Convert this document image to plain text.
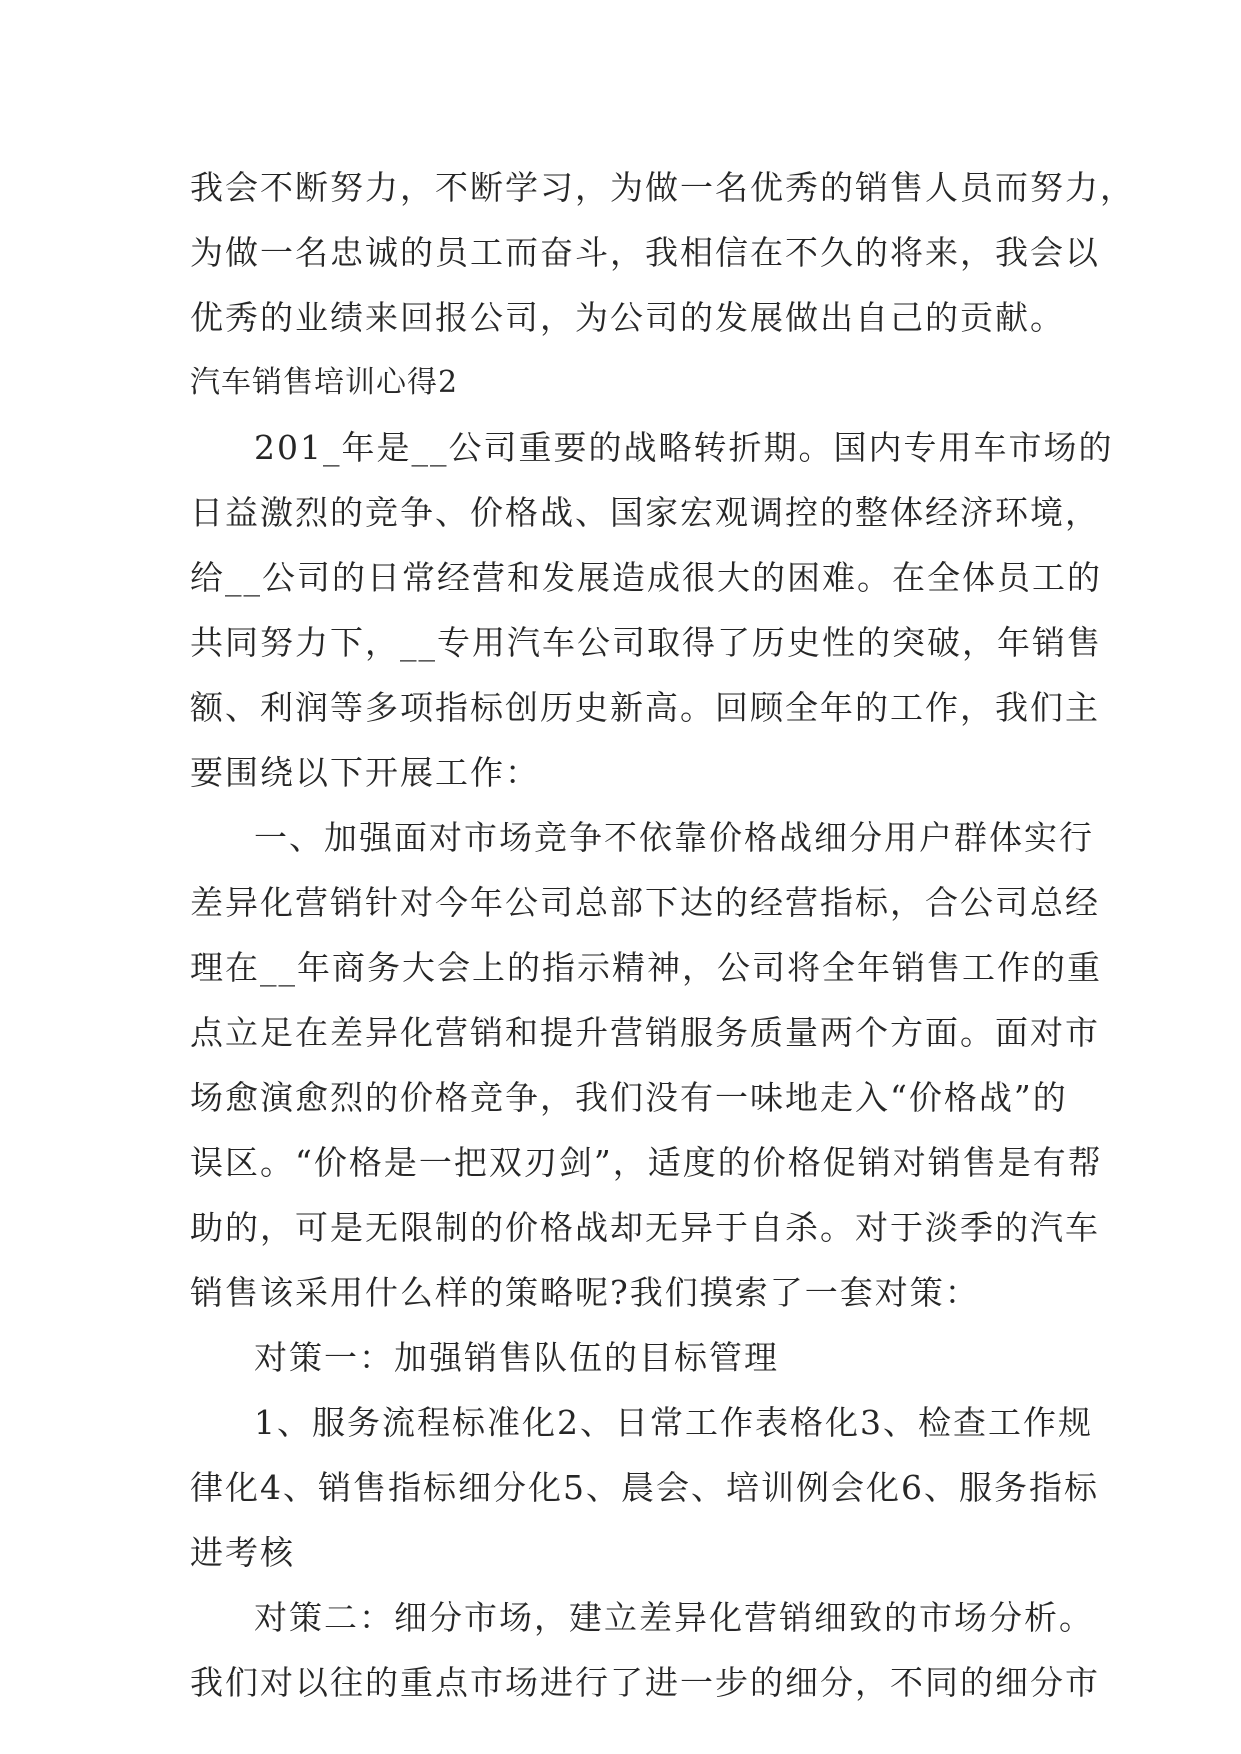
我会不断努力，不断学习，为做一名优秀的销售人员而努力，
为做一名忠诚的员工而奋斗，我相信在不久的将来，我会以
优秀的业绩来回报公司，为公司的发展做出自己的贡献。
汽车销售培训心得2
201_年是__公司重要的战略转折期。国内专用车市场的
日益激烈的竞争、价格战、国家宏观调控的整体经济环境，
给__公司的日常经营和发展造成很大的困难。在全体员工的
共同努力下，__专用汽车公司取得了历史性的突破，年销售
额、利润等多项指标创历史新高。回顾全年的工作，我们主
要围绕以下开展工作：
一、加强面对市场竞争不依靠价格战细分用户群体实行
差异化营销针对今年公司总部下达的经营指标，合公司总经
理在__年商务大会上的指示精神，公司将全年销售工作的重
点立足在差异化营销和提升营销服务质量两个方面。面对市
场愈演愈烈的价格竞争，我们没有一味地走入“价格战”的
误区。“价格是一把双刃剑”，适度的价格促销对销售是有帮
助的，可是无限制的价格战却无异于自杀。对于淡季的汽车
销售该采用什么样的策略呢?我们摸索了一套对策：
对策一：加强销售队伍的目标管理
1、服务流程标准化2、日常工作表格化3、检查工作规
律化4、销售指标细分化5、晨会、培训例会化6、服务指标
进考核
对策二：细分市场，建立差异化营销细致的市场分析。
我们对以往的重点市场进行了进一步的细分，不同的细分市
